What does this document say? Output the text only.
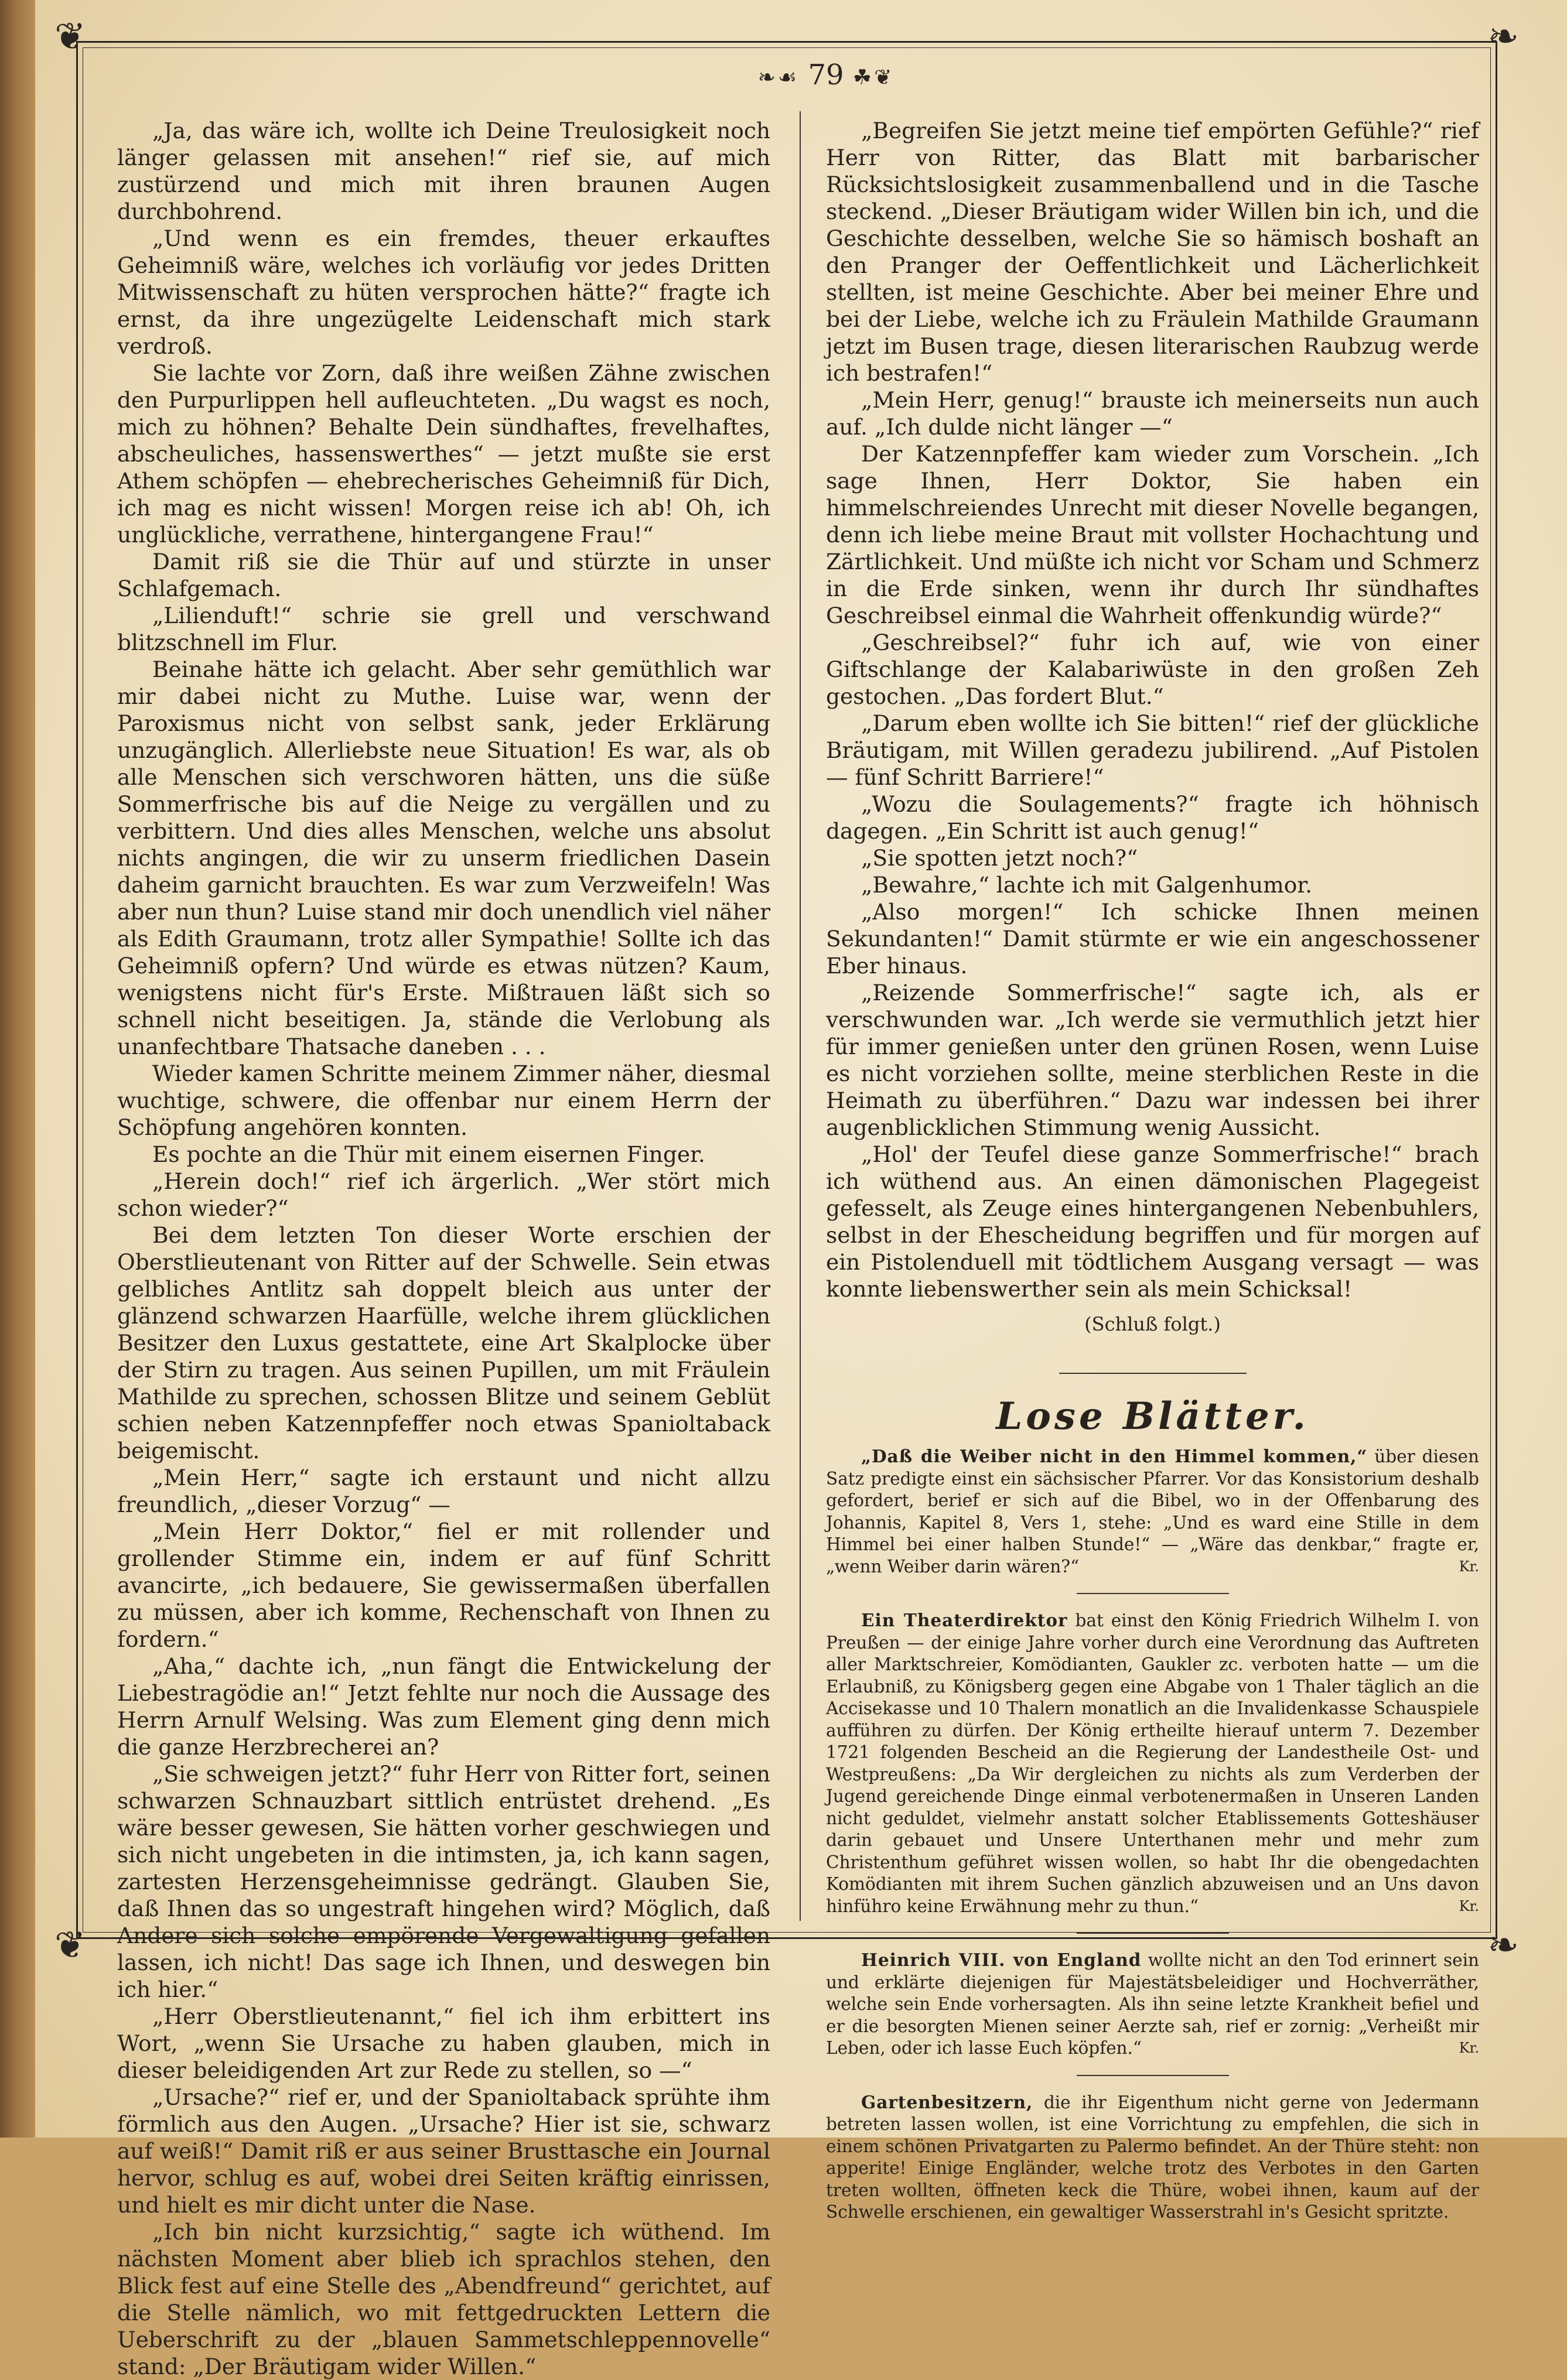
❦	❧
❦	❧
❧☙ 79 ☘❦

„Ja, das wäre ich, wollte ich Deine Treulosigkeit noch länger gelassen mit ansehen!“ rief sie, auf mich zustürzend und mich mit ihren braunen Augen durchbohrend.

„Und wenn es ein fremdes, theuer erkauftes Geheimniß wäre, welches ich vorläufig vor jedes Dritten Mitwissenschaft zu hüten versprochen hätte?“ fragte ich ernst, da ihre ungezügelte Leidenschaft mich stark verdroß.

Sie lachte vor Zorn, daß ihre weißen Zähne zwischen den Purpurlippen hell aufleuchteten. „Du wagst es noch, mich zu höhnen? Behalte Dein sündhaftes, frevelhaftes, abscheuliches, hassenswerthes“ — jetzt mußte sie erst Athem schöpfen — ehebrecherisches Geheimniß für Dich, ich mag es nicht wissen! Morgen reise ich ab! Oh, ich unglückliche, verrathene, hintergangene Frau!“

Damit riß sie die Thür auf und stürzte in unser Schlafgemach.

„Lilienduft!“ schrie sie grell und verschwand blitzschnell im Flur.

Beinahe hätte ich gelacht. Aber sehr gemüthlich war mir dabei nicht zu Muthe. Luise war, wenn der Paroxismus nicht von selbst sank, jeder Erklärung unzugänglich. Allerliebste neue Situation! Es war, als ob alle Menschen sich verschworen hätten, uns die süße Sommerfrische bis auf die Neige zu vergällen und zu verbittern. Und dies alles Menschen, welche uns absolut nichts angingen, die wir zu unserm friedlichen Dasein daheim garnicht brauchten. Es war zum Verzweifeln! Was aber nun thun? Luise stand mir doch unendlich viel näher als Edith Graumann, trotz aller Sympathie! Sollte ich das Geheimniß opfern? Und würde es etwas nützen? Kaum, wenigstens nicht für's Erste. Mißtrauen läßt sich so schnell nicht beseitigen. Ja, stände die Verlobung als unanfechtbare Thatsache daneben . . .

Wieder kamen Schritte meinem Zimmer näher, diesmal wuchtige, schwere, die offenbar nur einem Herrn der Schöpfung angehören konnten.

Es pochte an die Thür mit einem eisernen Finger.

„Herein doch!“ rief ich ärgerlich. „Wer stört mich schon wieder?“

Bei dem letzten Ton dieser Worte erschien der Oberstlieutenant von Ritter auf der Schwelle. Sein etwas gelbliches Antlitz sah doppelt bleich aus unter der glänzend schwarzen Haarfülle, welche ihrem glücklichen Besitzer den Luxus gestattete, eine Art Skalplocke über der Stirn zu tragen. Aus seinen Pupillen, um mit Fräulein Mathilde zu sprechen, schossen Blitze und seinem Geblüt schien neben Katzennpfeffer noch etwas Spanioltaback beigemischt.

„Mein Herr,“ sagte ich erstaunt und nicht allzu freundlich, „dieser Vorzug“ —

„Mein Herr Doktor,“ fiel er mit rollender und grollender Stimme ein, indem er auf fünf Schritt avancirte, „ich bedauere, Sie gewissermaßen überfallen zu müssen, aber ich komme, Rechenschaft von Ihnen zu fordern.“

„Aha,“ dachte ich, „nun fängt die Entwickelung der Liebestragödie an!“ Jetzt fehlte nur noch die Aussage des Herrn Arnulf Welsing. Was zum Element ging denn mich die ganze Herzbrecherei an?

„Sie schweigen jetzt?“ fuhr Herr von Ritter fort, seinen schwarzen Schnauzbart sittlich entrüstet drehend. „Es wäre besser gewesen, Sie hätten vorher geschwiegen und sich nicht ungebeten in die intimsten, ja, ich kann sagen, zartesten Herzensgeheimnisse gedrängt. Glauben Sie, daß Ihnen das so ungestraft hingehen wird? Möglich, daß Andere sich solche empörende Vergewaltigung gefallen lassen, ich nicht! Das sage ich Ihnen, und deswegen bin ich hier.“

„Herr Oberstlieutenannt,“ fiel ich ihm erbittert ins Wort, „wenn Sie Ursache zu haben glauben, mich in dieser beleidigenden Art zur Rede zu stellen, so —“

„Ursache?“ rief er, und der Spanioltaback sprühte ihm förmlich aus den Augen. „Ursache? Hier ist sie, schwarz auf weiß!“ Damit riß er aus seiner Brusttasche ein Journal hervor, schlug es auf, wobei drei Seiten kräftig einrissen, und hielt es mir dicht unter die Nase.

„Ich bin nicht kurzsichtig,“ sagte ich wüthend. Im nächsten Moment aber blieb ich sprachlos stehen, den Blick fest auf eine Stelle des „Abendfreund“ gerichtet, auf die Stelle nämlich, wo mit fettgedruckten Lettern die Ueberschrift zu der „blauen Sammetschleppennovelle“ stand: „Der Bräutigam wider Willen.“

„Begreifen Sie jetzt meine tief empörten Gefühle?“ rief Herr von Ritter, das Blatt mit barbarischer Rücksichtslosigkeit zusammenballend und in die Tasche steckend. „Dieser Bräutigam wider Willen bin ich, und die Geschichte desselben, welche Sie so hämisch boshaft an den Pranger der Oeffentlichkeit und Lächerlichkeit stellten, ist meine Geschichte. Aber bei meiner Ehre und bei der Liebe, welche ich zu Fräulein Mathilde Graumann jetzt im Busen trage, diesen literarischen Raubzug werde ich bestrafen!“

„Mein Herr, genug!“ brauste ich meinerseits nun auch auf. „Ich dulde nicht länger —“

Der Katzennpfeffer kam wieder zum Vorschein. „Ich sage Ihnen, Herr Doktor, Sie haben ein himmelschreiendes Unrecht mit dieser Novelle begangen, denn ich liebe meine Braut mit vollster Hochachtung und Zärtlichkeit. Und müßte ich nicht vor Scham und Schmerz in die Erde sinken, wenn ihr durch Ihr sündhaftes Geschreibsel einmal die Wahrheit offenkundig würde?“

„Geschreibsel?“ fuhr ich auf, wie von einer Giftschlange der Kalabariwüste in den großen Zeh gestochen. „Das fordert Blut.“

„Darum eben wollte ich Sie bitten!“ rief der glückliche Bräutigam, mit Willen geradezu jubilirend. „Auf Pistolen — fünf Schritt Barriere!“

„Wozu die Soulagements?“ fragte ich höhnisch dagegen. „Ein Schritt ist auch genug!“

„Sie spotten jetzt noch?“

„Bewahre,“ lachte ich mit Galgenhumor.

„Also morgen!“ Ich schicke Ihnen meinen Sekundanten!“ Damit stürmte er wie ein angeschossener Eber hinaus.

„Reizende Sommerfrische!“ sagte ich, als er verschwunden war. „Ich werde sie vermuthlich jetzt hier für immer genießen unter den grünen Rosen, wenn Luise es nicht vorziehen sollte, meine sterblichen Reste in die Heimath zu überführen.“ Dazu war indessen bei ihrer augenblicklichen Stimmung wenig Aussicht.

„Hol' der Teufel diese ganze Sommerfrische!“ brach ich wüthend aus. An einen dämonischen Plagegeist gefesselt, als Zeuge eines hintergangenen Nebenbuhlers, selbst in der Ehescheidung begriffen und für morgen auf ein Pistolenduell mit tödtlichem Ausgang versagt — was konnte liebenswerther sein als mein Schicksal!

(Schluß folgt.)
Lose Blätter.

„Daß die Weiber nicht in den Himmel kommen,“ über diesen Satz predigte einst ein sächsischer Pfarrer. Vor das Konsistorium deshalb gefordert, berief er sich auf die Bibel, wo in der Offenbarung des Johannis, Kapitel 8, Vers 1, stehe: „Und es ward eine Stille in dem Himmel bei einer halben Stunde!“ — „Wäre das denkbar,“ fragte er, „wenn Weiber darin wären?“	Kr.

Ein Theaterdirektor bat einst den König Friedrich Wilhelm I. von Preußen — der einige Jahre vorher durch eine Verordnung das Auftreten aller Marktschreier, Komödianten, Gaukler zc. verboten hatte — um die Erlaubniß, zu Königsberg gegen eine Abgabe von 1 Thaler täglich an die Accisekasse und 10 Thalern monatlich an die Invalidenkasse Schauspiele aufführen zu dürfen. Der König ertheilte hierauf unterm 7. Dezember 1721 folgenden Bescheid an die Regierung der Landestheile Ost- und Westpreußens: „Da Wir dergleichen zu nichts als zum Verderben der Jugend gereichende Dinge einmal verbotenermaßen in Unseren Landen nicht geduldet, vielmehr anstatt solcher Etablissements Gotteshäuser darin gebauet und Unsere Unterthanen mehr und mehr zum Christenthum geführet wissen wollen, so habt Ihr die obengedachten Komödianten mit ihrem Suchen gänzlich abzuweisen und an Uns davon hinführo keine Erwähnung mehr zu thun.“	Kr.

Heinrich VIII. von England wollte nicht an den Tod erinnert sein und erklärte diejenigen für Majestätsbeleidiger und Hochverräther, welche sein Ende vorhersagten. Als ihn seine letzte Krankheit befiel und er die besorgten Mienen seiner Aerzte sah, rief er zornig: „Verheißt mir Leben, oder ich lasse Euch köpfen.“	Kr.

Gartenbesitzern, die ihr Eigenthum nicht gerne von Jedermann betreten lassen wollen, ist eine Vorrichtung zu empfehlen, die sich in einem schönen Privatgarten zu Palermo befindet. An der Thüre steht: non apperite! Einige Engländer, welche trotz des Verbotes in den Garten treten wollten, öffneten keck die Thüre, wobei ihnen, kaum auf der Schwelle erschienen, ein gewaltiger Wasserstrahl in's Gesicht spritzte.
